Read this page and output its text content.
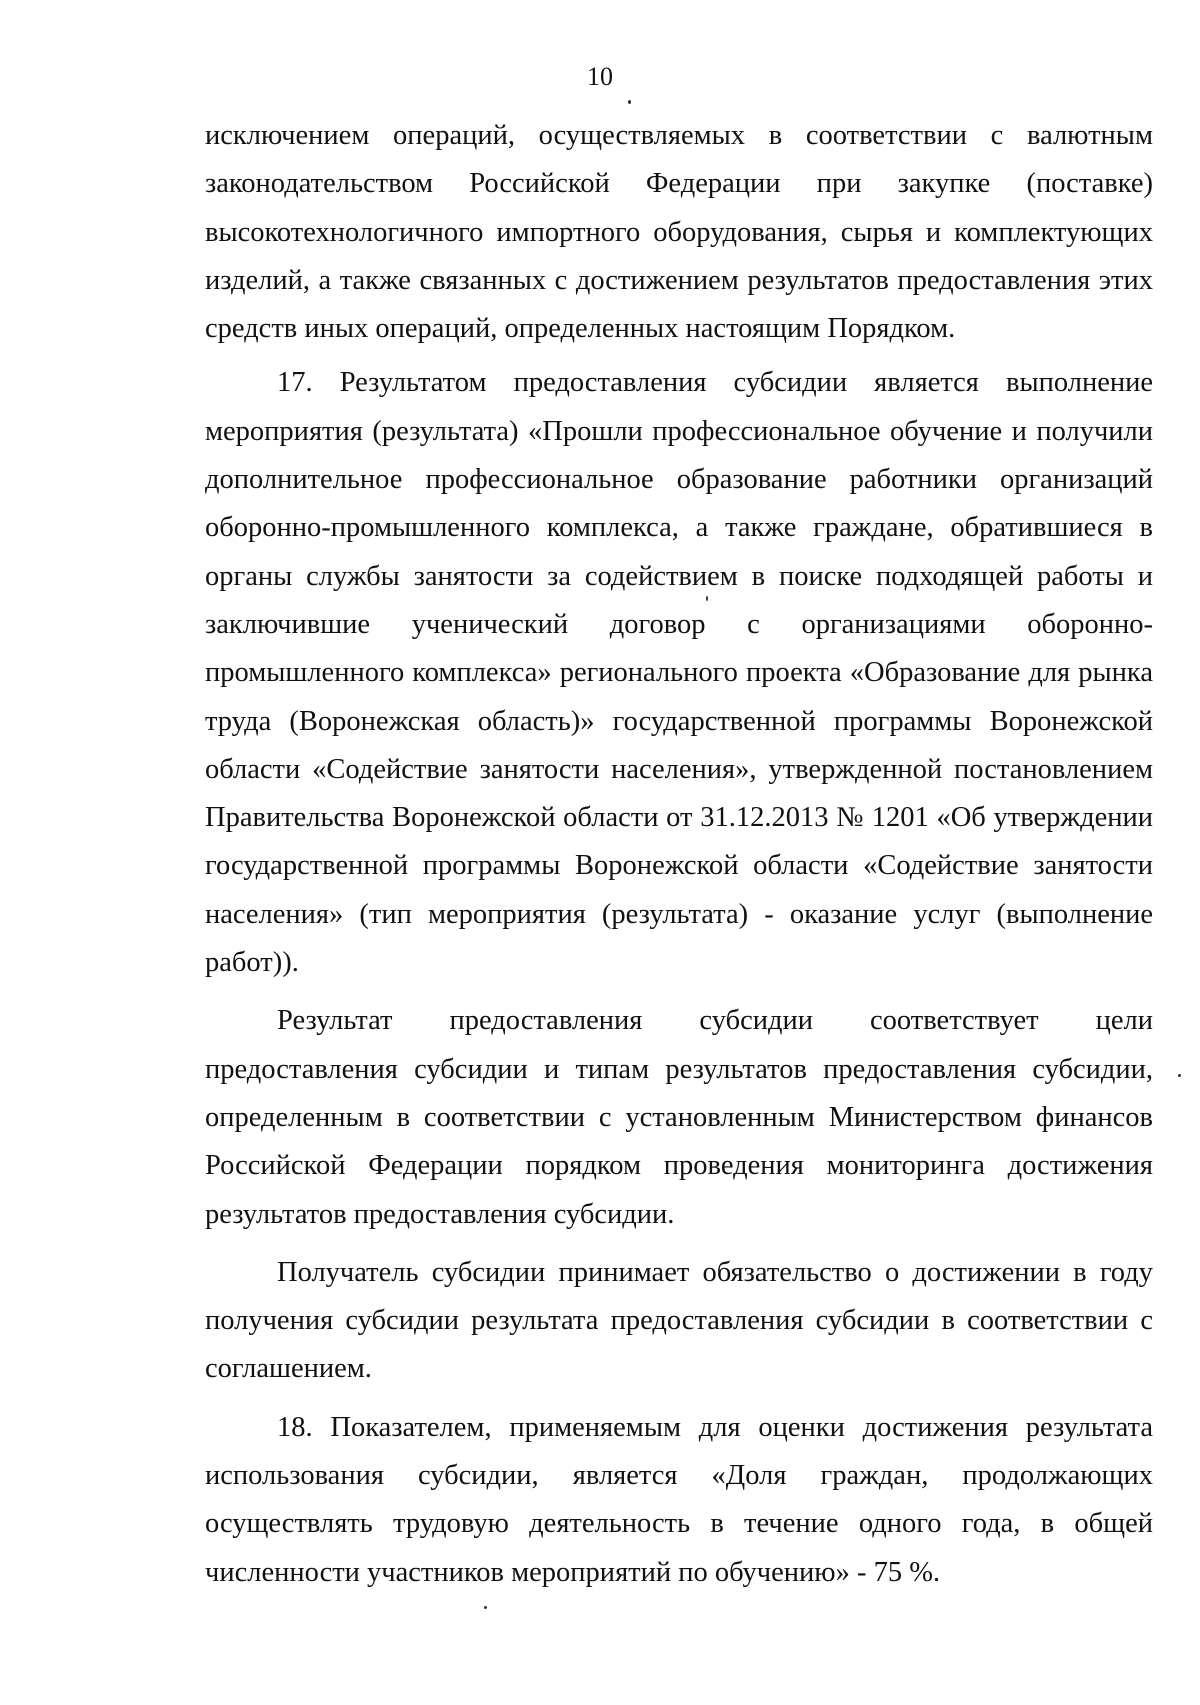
10
исключением операций, осуществляемых в соответствии с валютным
законодательством Российской Федерации при закупке (поставке)
высокотехнологичного импортного оборудования, сырья и комплектующих
изделий, а также связанных с достижением результатов предоставления этих
средств иных операций, определенных настоящим Порядком.
17. Результатом предоставления субсидии является выполнение
мероприятия (результата) «Прошли профессиональное обучение и получили
дополнительное профессиональное образование работники организаций
оборонно-промышленного комплекса, а также граждане, обратившиеся в
органы службы занятости за содействием в поиске подходящей работы и
заключившие ученический договор с организациями оборонно-
промышленного комплекса» регионального проекта «Образование для рынка
труда (Воронежская область)» государственной программы Воронежской
области «Содействие занятости населения», утвержденной постановлением
Правительства Воронежской области от 31.12.2013 № 1201 «Об утверждении
государственной программы Воронежской области «Содействие занятости
населения» (тип мероприятия (результата) - оказание услуг (выполнение
работ)).
Результат предоставления субсидии соответствует цели
предоставления субсидии и типам результатов предоставления субсидии,
определенным в соответствии с установленным Министерством финансов
Российской Федерации порядком проведения мониторинга достижения
результатов предоставления субсидии.
Получатель субсидии принимает обязательство о достижении в году
получения субсидии результата предоставления субсидии в соответствии с
соглашением.
18. Показателем, применяемым для оценки достижения результата
использования субсидии, является «Доля граждан, продолжающих
осуществлять трудовую деятельность в течение одного года, в общей
численности участников мероприятий по обучению» - 75 %.
